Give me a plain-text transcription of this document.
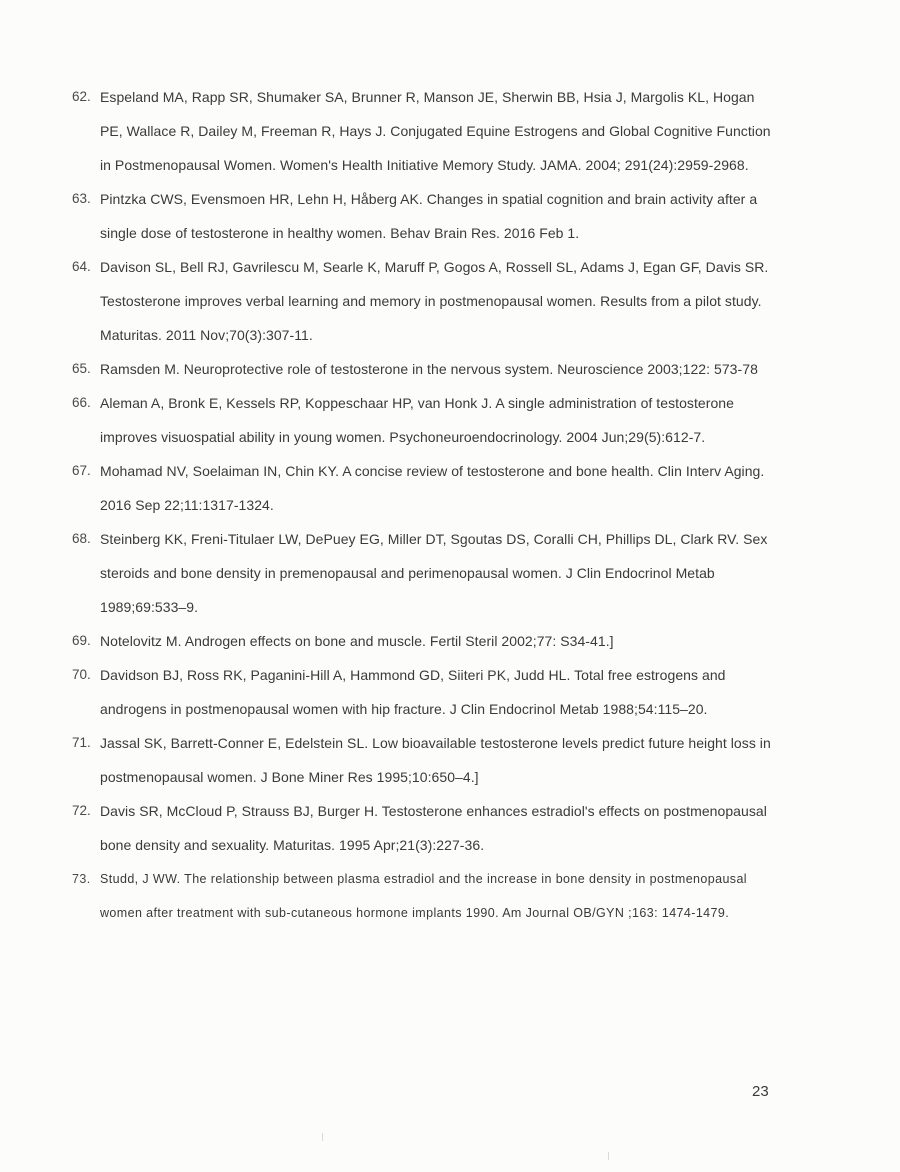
62. Espeland MA, Rapp SR, Shumaker SA, Brunner R, Manson JE, Sherwin BB, Hsia J, Margolis KL, Hogan PE, Wallace R, Dailey M, Freeman R, Hays J. Conjugated Equine Estrogens and Global Cognitive Function in Postmenopausal Women. Women's Health Initiative Memory Study. JAMA. 2004; 291(24):2959-2968.
63. Pintzka CWS, Evensmoen HR, Lehn H, Håberg AK. Changes in spatial cognition and brain activity after a single dose of testosterone in healthy women. Behav Brain Res. 2016 Feb 1.
64. Davison SL, Bell RJ, Gavrilescu M, Searle K, Maruff P, Gogos A, Rossell SL, Adams J, Egan GF, Davis SR. Testosterone improves verbal learning and memory in postmenopausal women. Results from a pilot study. Maturitas. 2011 Nov;70(3):307-11.
65. Ramsden M. Neuroprotective role of testosterone in the nervous system. Neuroscience 2003;122: 573-78
66. Aleman A, Bronk E, Kessels RP, Koppeschaar HP, van Honk J. A single administration of testosterone improves visuospatial ability in young women. Psychoneuroendocrinology. 2004 Jun;29(5):612-7.
67. Mohamad NV, Soelaiman IN, Chin KY. A concise review of testosterone and bone health. Clin Interv Aging. 2016 Sep 22;11:1317-1324.
68. Steinberg KK, Freni-Titulaer LW, DePuey EG, Miller DT, Sgoutas DS, Coralli CH, Phillips DL, Clark RV. Sex steroids and bone density in premenopausal and perimenopausal women. J Clin Endocrinol Metab 1989;69:533–9.
69. Notelovitz M. Androgen effects on bone and muscle. Fertil Steril 2002;77: S34-41.]
70. Davidson BJ, Ross RK, Paganini-Hill A, Hammond GD, Siiteri PK, Judd HL. Total free estrogens and androgens in postmenopausal women with hip fracture. J Clin Endocrinol Metab 1988;54:115–20.
71. Jassal SK, Barrett-Conner E, Edelstein SL. Low bioavailable testosterone levels predict future height loss in postmenopausal women. J Bone Miner Res 1995;10:650–4.]
72. Davis SR, McCloud P, Strauss BJ, Burger H. Testosterone enhances estradiol's effects on postmenopausal bone density and sexuality. Maturitas. 1995 Apr;21(3):227-36.
73. Studd, J WW. The relationship between plasma estradiol and the increase in bone density in postmenopausal women after treatment with sub-cutaneous hormone implants 1990. Am Journal OB/GYN ;163: 1474-1479.
23
